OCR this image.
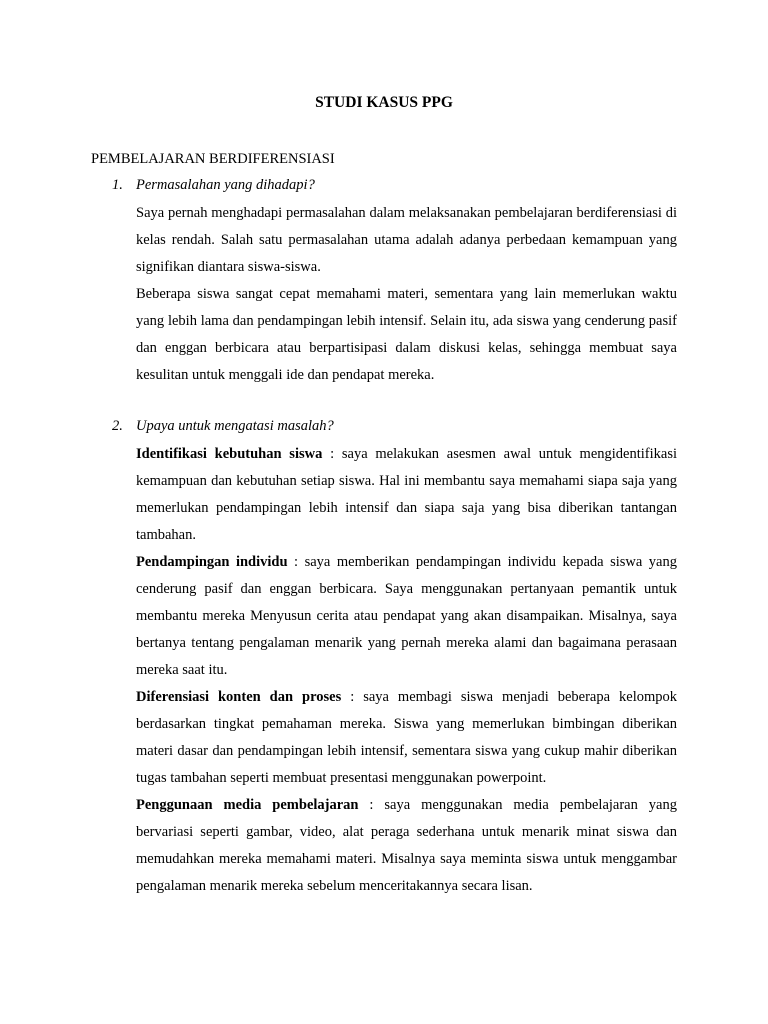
STUDI KASUS PPG
PEMBELAJARAN BERDIFERENSIASI
1. Permasalahan yang dihadapi?

Saya pernah menghadapi permasalahan dalam melaksanakan pembelajaran berdiferensiasi di kelas rendah. Salah satu permasalahan utama adalah adanya perbedaan kemampuan yang signifikan diantara siswa-siswa.

Beberapa siswa sangat cepat memahami materi, sementara yang lain memerlukan waktu yang lebih lama dan pendampingan lebih intensif. Selain itu, ada siswa yang cenderung pasif dan enggan berbicara atau berpartisipasi dalam diskusi kelas, sehingga membuat saya kesulitan untuk menggali ide dan pendapat mereka.

2. Upaya untuk mengatasi masalah?

Identifikasi kebutuhan siswa : saya melakukan asesmen awal untuk mengidentifikasi kemampuan dan kebutuhan setiap siswa. Hal ini membantu saya memahami siapa saja yang memerlukan pendampingan lebih intensif dan siapa saja yang bisa diberikan tantangan tambahan.

Pendampingan individu : saya memberikan pendampingan individu kepada siswa yang cenderung pasif dan enggan berbicara. Saya menggunakan pertanyaan pemantik untuk membantu mereka Menyusun cerita atau pendapat yang akan disampaikan. Misalnya, saya bertanya tentang pengalaman menarik yang pernah mereka alami dan bagaimana perasaan mereka saat itu.

Diferensiasi konten dan proses : saya membagi siswa menjadi beberapa kelompok berdasarkan tingkat pemahaman mereka. Siswa yang memerlukan bimbingan diberikan materi dasar dan pendampingan lebih intensif, sementara siswa yang cukup mahir diberikan tugas tambahan seperti membuat presentasi menggunakan powerpoint.

Penggunaan media pembelajaran : saya menggunakan media pembelajaran yang bervariasi seperti gambar, video, alat peraga sederhana untuk menarik minat siswa dan memudahkan mereka memahami materi. Misalnya saya meminta siswa untuk menggambar pengalaman menarik mereka sebelum menceritakannya secara lisan.
